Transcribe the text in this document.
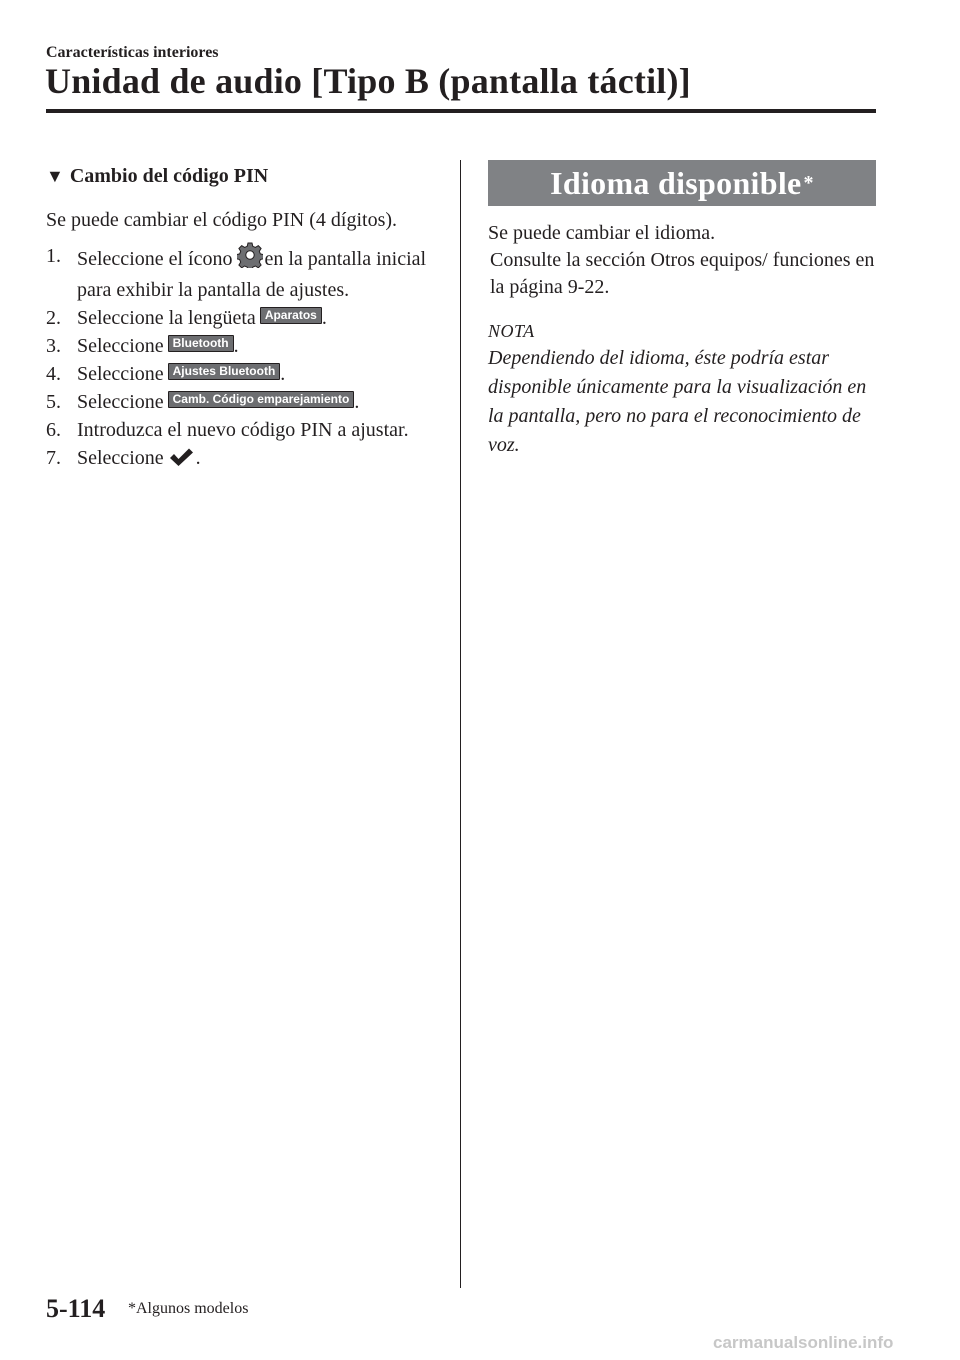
Características interiores
Unidad de audio [Tipo B (pantalla táctil)]
▼ Cambio del código PIN
Se puede cambiar el código PIN (4 dígitos).
1. Seleccione el ícono en la pantalla inicial para exhibir la pantalla de ajustes.
2. Seleccione la lengüeta Aparatos .
3. Seleccione Bluetooth .
4. Seleccione Ajustes Bluetooth .
5. Seleccione Camb. Código emparejamiento .
6. Introduzca el nuevo código PIN a ajustar.
7. Seleccione .
Idioma disponible *

Se puede cambiar el idioma.

Consulte la sección Otros equipos/ funciones en la página 9-22.

NOTA
Dependiendo del idioma, éste podría estar disponible únicamente para la visualización en la pantalla, pero no para el reconocimiento de voz.
5-114 *Algunos modelos
carmanualsonline.info
